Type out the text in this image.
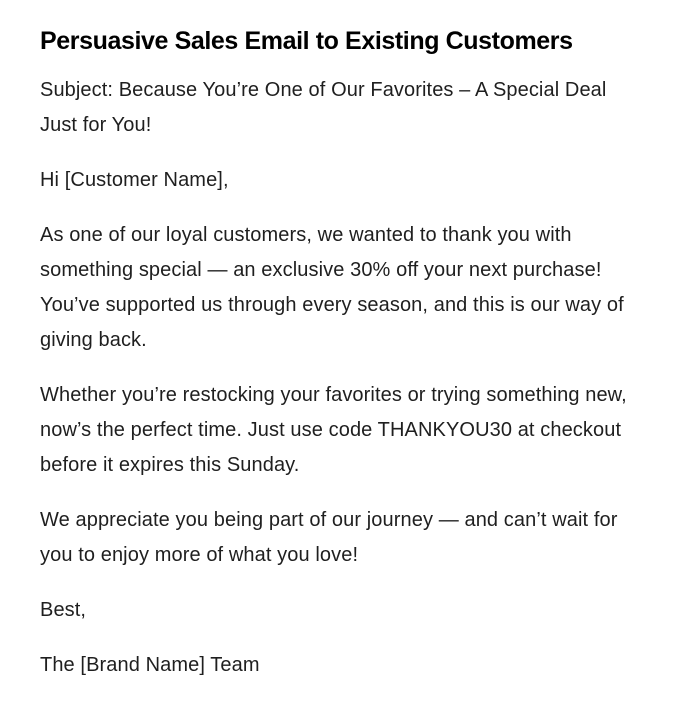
Persuasive Sales Email to Existing Customers

Subject: Because You’re One of Our Favorites – A Special Deal Just for You!

Hi [Customer Name],

As one of our loyal customers, we wanted to thank you with something special — an exclusive 30% off your next purchase! You’ve supported us through every season, and this is our way of giving back.

Whether you’re restocking your favorites or trying something new, now’s the perfect time. Just use code THANKYOU30 at checkout before it expires this Sunday.

We appreciate you being part of our journey — and can’t wait for you to enjoy more of what you love!

Best,

The [Brand Name] Team
